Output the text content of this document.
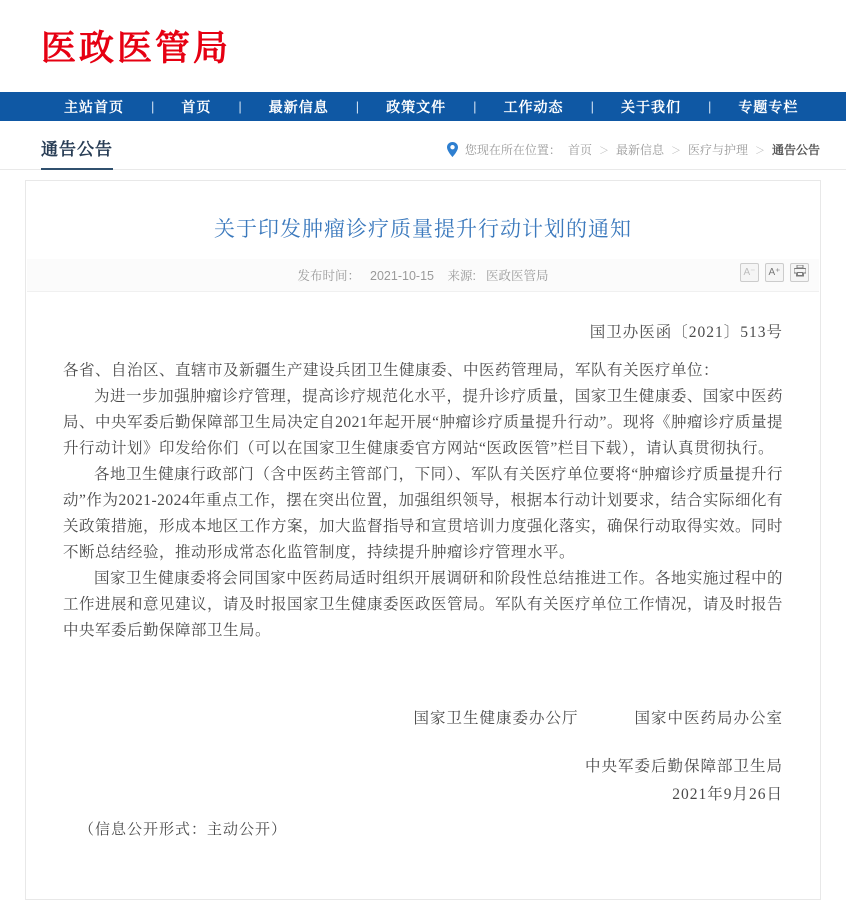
医政医管局
主站首页 | 首页 | 最新信息 | 政策文件 | 工作动态 | 关于我们 | 专题专栏
通告公告	您现在所在位置： 首页 ＞ 最新信息 ＞ 医疗与护理 ＞ 通告公告
关于印发肿瘤诊疗质量提升行动计划的通知
发布时间： 2021-10-15 来源: 医政医管局	A⁻	A⁺
国卫办医函〔2021〕513号

各省、自治区、直辖市及新疆生产建设兵团卫生健康委、中医药管理局，军队有关医疗单位：

为进一步加强肿瘤诊疗管理，提高诊疗规范化水平，提升诊疗质量，国家卫生健康委、国家中医药局、中央军委后勤保障部卫生局决定自2021年起开展“肿瘤诊疗质量提升行动”。现将《肿瘤诊疗质量提升行动计划》印发给你们（可以在国家卫生健康委官方网站“医政医管”栏目下载），请认真贯彻执行。

各地卫生健康行政部门（含中医药主管部门，下同）、军队有关医疗单位要将“肿瘤诊疗质量提升行动”作为2021-2024年重点工作，摆在突出位置，加强组织领导，根据本行动计划要求，结合实际细化有关政策措施，形成本地区工作方案，加大监督指导和宣贯培训力度强化落实，确保行动取得实效。同时不断总结经验，推动形成常态化监管制度，持续提升肿瘤诊疗管理水平。

国家卫生健康委将会同国家中医药局适时组织开展调研和阶段性总结推进工作。各地实施过程中的工作进展和意见建议，请及时报国家卫生健康委医政医管局。军队有关医疗单位工作情况，请及时报告中央军委后勤保障部卫生局。

国家卫生健康委办公厅	国家中医药局办公室
中央军委后勤保障部卫生局
2021年9月26日
（信息公开形式：主动公开）
